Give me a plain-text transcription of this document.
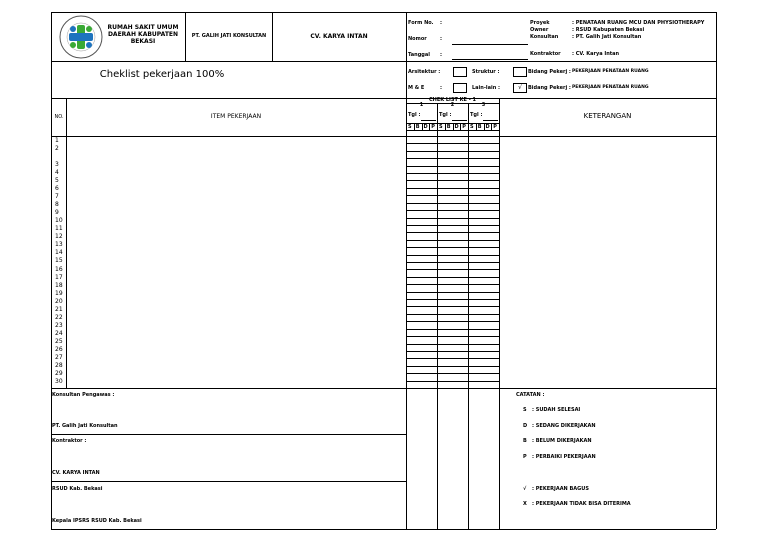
RUMAH SAKIT UMUM
DAERAH KABUPATEN
BEKASI
PT. GALIH JATI KONSULTAN	CV. KARYA INTAN
Form No. :
Nomor	:
Tanggal :
Proyek	: PENATAAN RUANG MCU DAN PHYSIOTHERAPY
Owner	: RSUD Kabupaten Bekasi
Konsultan	: PT. Galih Jati Konsultan
Kontraktor : CV. Karya Intan
Cheklist pekerjaan 100%	Arsitektur :	Struktur :	Bidang Pekerj : PEKERJAAN PENATAAN RUANG
M & E	:	Lain-lain :	√	Bidang Pekerj : PEKERJAAN PENATAAN RUANG
NO.	ITEM PEKERJAAN	KETERANGAN
CHEK LIST KE - 1
1	2	3
Tgl :	Tgl :	Tgl :
S B D P S B D P S B D P
1
2
3
4
5
6
7
8
9
10
11
12
13
14
15
16
17
18
19
20
21
22
23
24
25
26
27
28
29
30
Konsultan Pengawas :
PT. Galih Jati Konsultan
Kontraktor :
CV. KARYA INTAN
RSUD Kab. Bekasi
Kepala IPSRS RSUD Kab. Bekasi
CATATAN :
S : SUDAH SELESAI
D : SEDANG DIKERJAKAN
B : BELUM DIKERJAKAN
P : PERBAIKI PEKERJAAN
√ : PEKERJAAN BAGUS
X : PEKERJAAN TIDAK BISA DITERIMA
